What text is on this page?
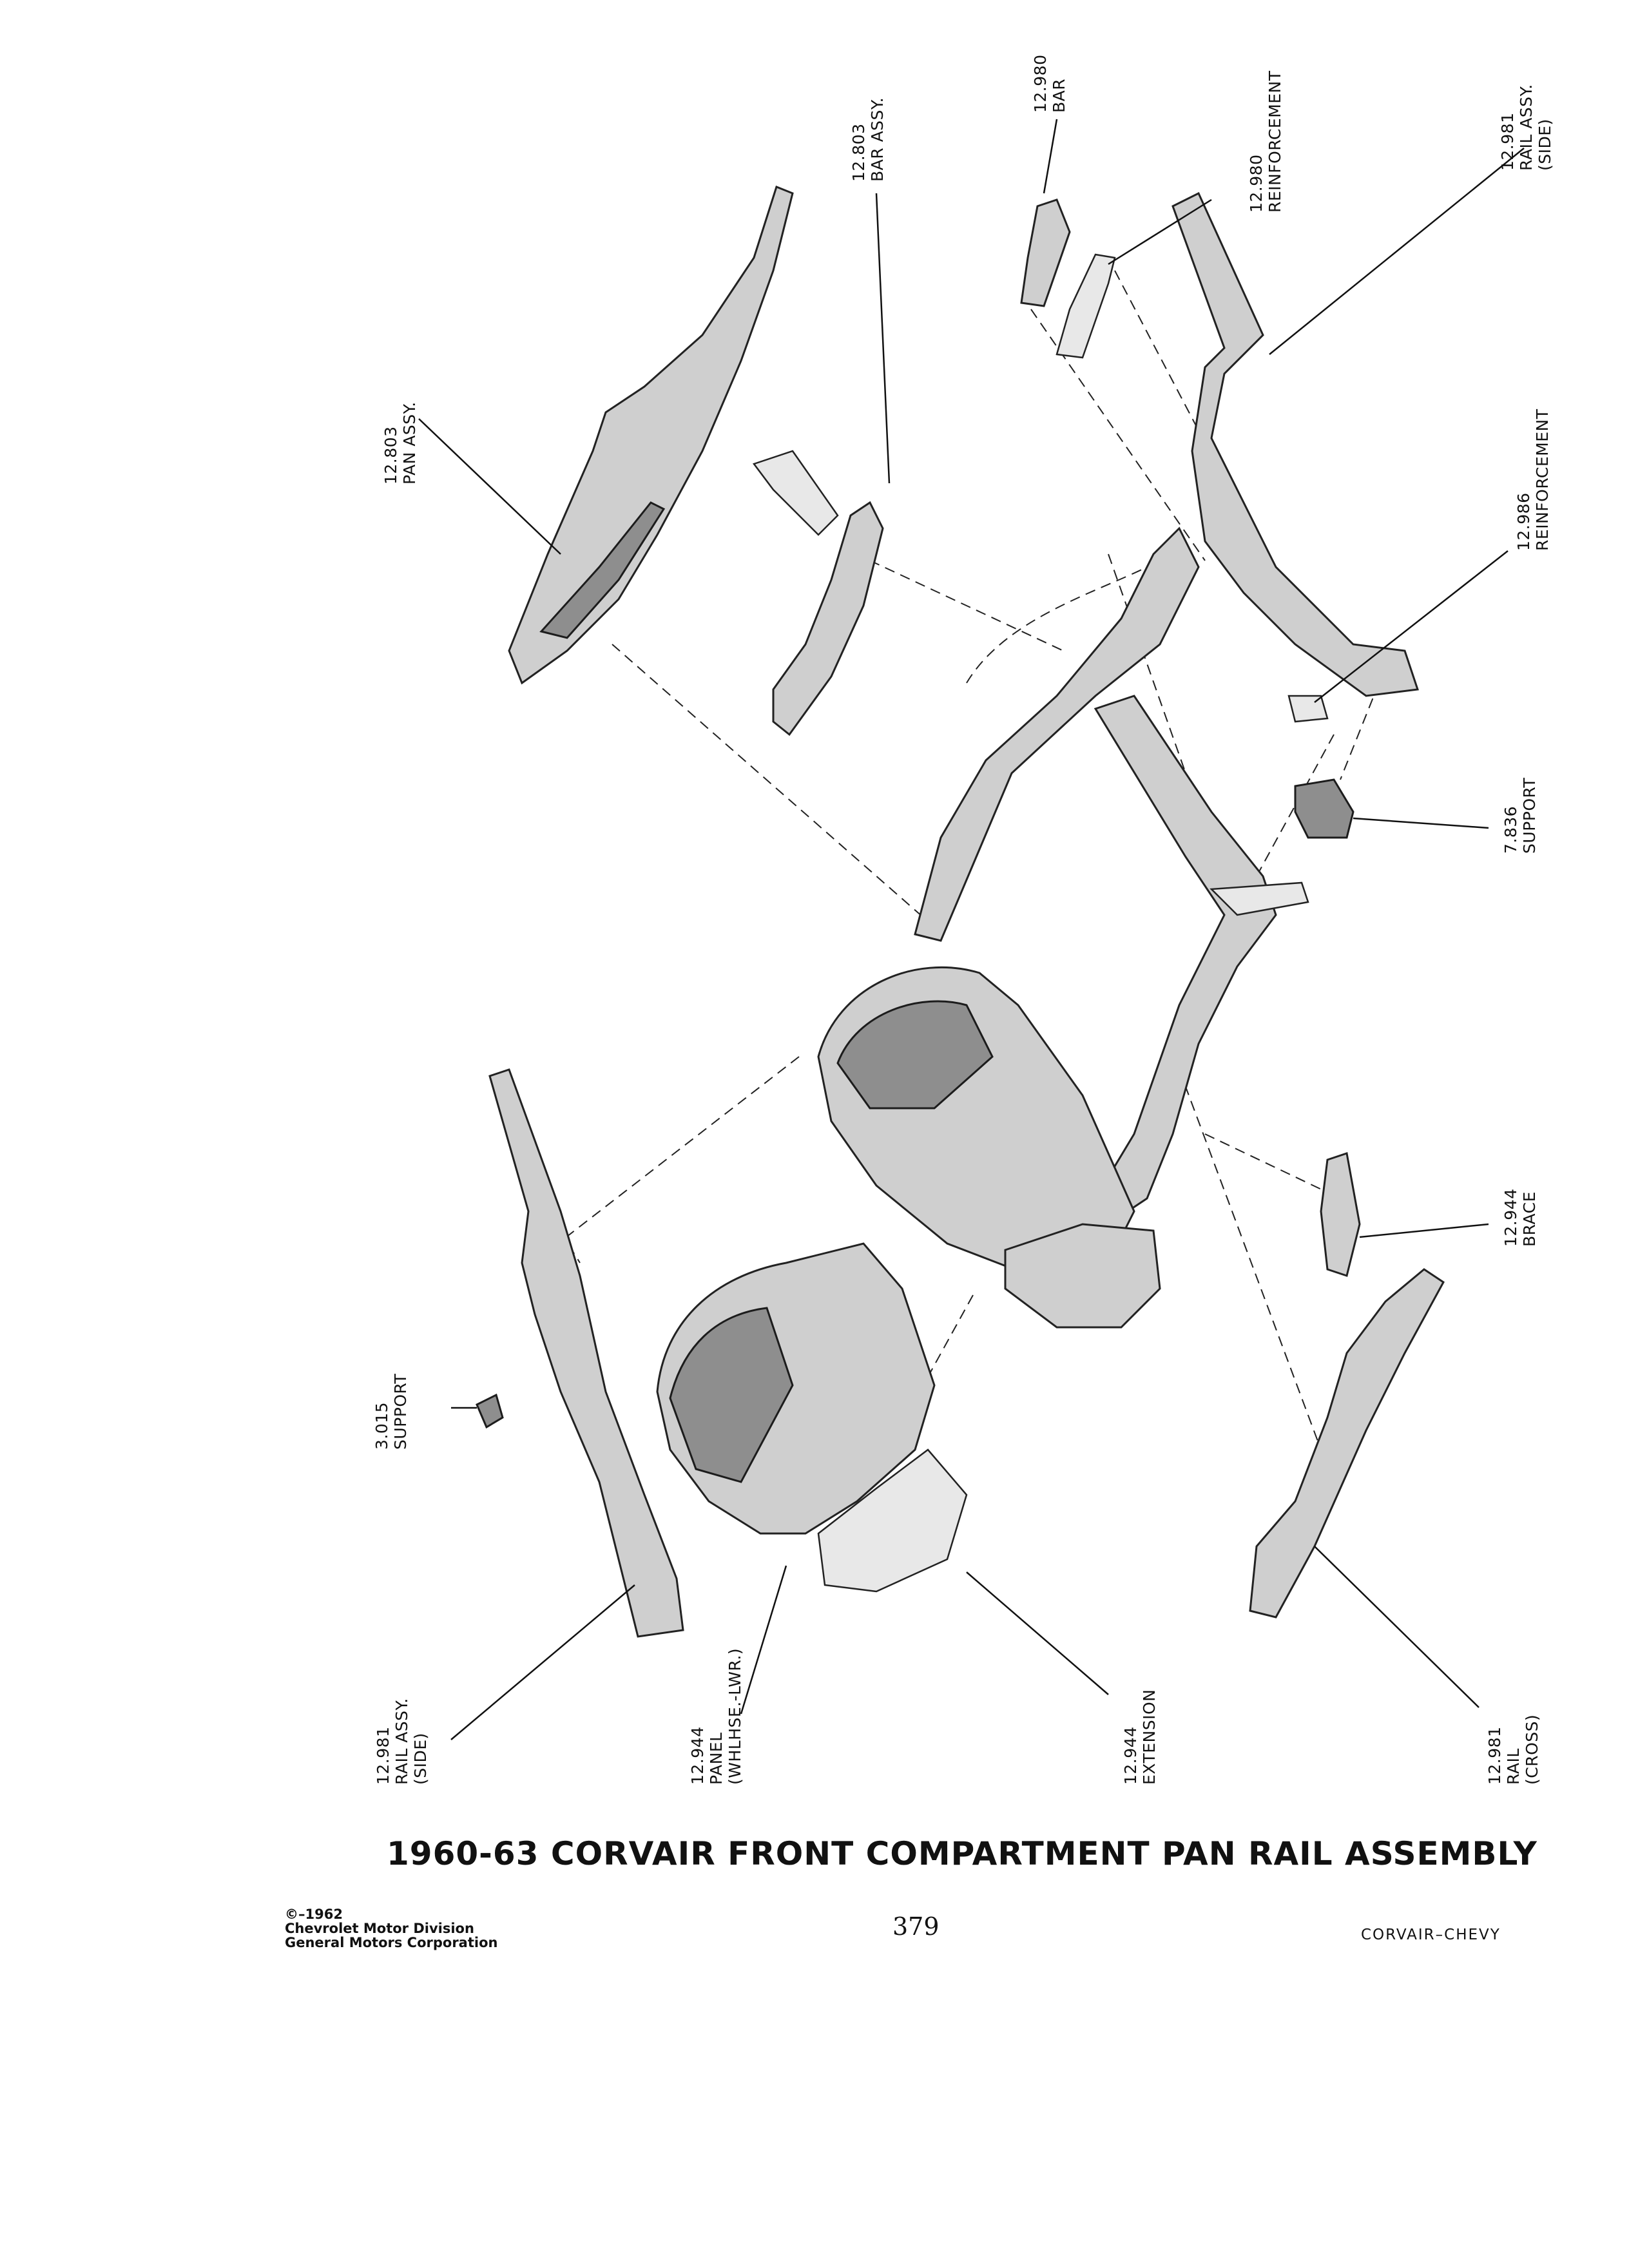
12.803 PAN ASSY.
12.803 BAR ASSY.
12.980 BAR
12.980 REINFORCEMENT	12.981 RAIL ASSY. (SIDE)
12.986 REINFORCEMENT
7.836 SUPPORT
12.944 BRACE
12.981 RAIL (CROSS)
12.944 EXTENSION
12.944 PANEL (WHLHSE.-LWR.)
12.981 RAIL ASSY. (SIDE)
3.015 SUPPORT
1960-63 CORVAIR FRONT COMPARTMENT PAN RAIL ASSEMBLY
©–1962
Chevrolet Motor Division
General Motors Corporation
379	CORVAIR–CHEVY
